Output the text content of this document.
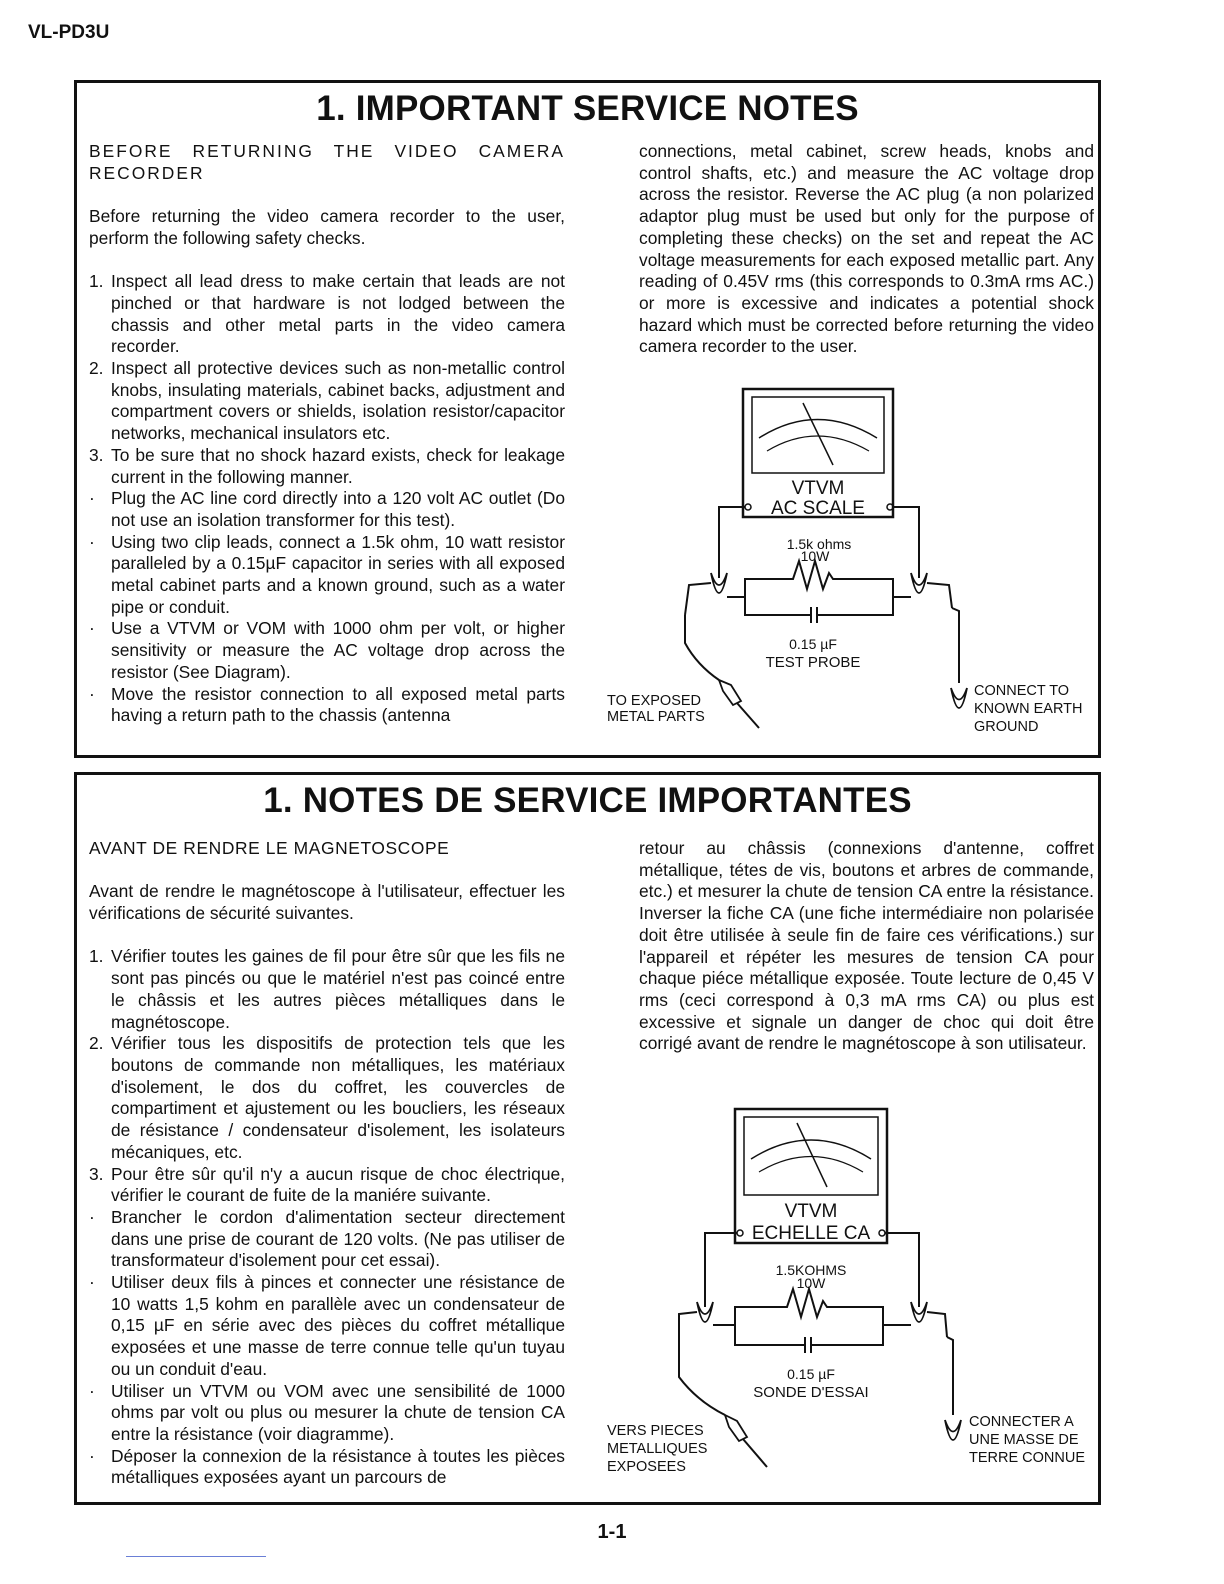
VL-PD3U
1. IMPORTANT SERVICE NOTES

BEFORE RETURNING THE VIDEO CAMERA RECORDER

Before returning the video camera recorder to the user, perform the following safety checks.

1. Inspect all lead dress to make certain that leads are not pinched or that hardware is not lodged between the chassis and other metal parts in the video camera recorder.
2. Inspect all protective devices such as non-metallic control knobs, insulating materials, cabinet backs, adjustment and compartment covers or shields, isolation resistor/capacitor networks, mechanical insulators etc.
3. To be sure that no shock hazard exists, check for leakage current in the following manner.
· Plug the AC line cord directly into a 120 volt AC outlet (Do not use an isolation transformer for this test).
· Using two clip leads, connect a 1.5k ohm, 10 watt resistor paralleled by a 0.15µF capacitor in series with all exposed metal cabinet parts and a known ground, such as a water pipe or conduit.
· Use a VTVM or VOM with 1000 ohm per volt, or higher sensitivity or measure the AC voltage drop across the resistor (See Diagram).
· Move the resistor connection to all exposed metal parts having a return path to the chassis (antenna

connections, metal cabinet, screw heads, knobs and control shafts, etc.) and measure the AC voltage drop across the resistor. Reverse the AC plug (a non polarized adaptor plug must be used but only for the purpose of completing these checks) on the set and repeat the AC voltage measurements for each exposed metallic part. Any reading of 0.45V rms (this corresponds to 0.3mA rms AC.) or more is excessive and indicates a potential shock hazard which must be corrected before returning the video camera recorder to the user.

VTVM
AC SCALE
1.5k ohms
10W
0.15 µF
TEST PROBE
TO EXPOSED
METAL PARTS
CONNECT TO
KNOWN EARTH
GROUND
1. NOTES DE SERVICE IMPORTANTES

AVANT DE RENDRE LE MAGNETOSCOPE

Avant de rendre le magnétoscope à l'utilisateur, effectuer les vérifications de sécurité suivantes.

1. Vérifier toutes les gaines de fil pour être sûr que les fils ne sont pas pincés ou que le matériel n'est pas coincé entre le châssis et les autres pièces métalliques dans le magnétoscope.
2. Vérifier tous les dispositifs de protection tels que les boutons de commande non métalliques, les matériaux d'isolement, le dos du coffret, les couvercles de compartiment et ajustement ou les boucliers, les réseaux de résistance / condensateur d'isolement, les isolateurs mécaniques, etc.
3. Pour être sûr qu'il n'y a aucun risque de choc électrique, vérifier le courant de fuite de la maniére suivante.
· Brancher le cordon d'alimentation secteur directement dans une prise de courant de 120 volts. (Ne pas utiliser de transformateur d'isolement pour cet essai).
· Utiliser deux fils à pinces et connecter une résistance de 10 watts 1,5 kohm en parallèle avec un condensateur de 0,15 µF en série avec des pièces du coffret métallique exposées et une masse de terre connue telle qu'un tuyau ou un conduit d'eau.
· Utiliser un VTVM ou VOM avec une sensibilité de 1000 ohms par volt ou plus ou mesurer la chute de tension CA entre la résistance (voir diagramme).
· Déposer la connexion de la résistance à toutes les pièces métalliques exposées ayant un parcours de

retour au châssis (connexions d'antenne, coffret métallique, tétes de vis, boutons et arbres de commande, etc.) et mesurer la chute de tension CA entre la résistance. Inverser la fiche CA (une fiche intermédiaire non polarisée doit être utilisée à seule fin de faire ces vérifications.) sur l'appareil et répéter les mesures de tension CA pour chaque piéce métallique exposée. Toute lecture de 0,45 V rms (ceci correspond à 0,3 mA rms CA) ou plus est excessive et signale un danger de choc qui doit être corrigé avant de rendre le magnétoscope à son utilisateur.

VTVM
ECHELLE CA
1.5KOHMS
10W
0.15 µF
SONDE D'ESSAI
VERS PIECES
METALLIQUES
EXPOSEES
CONNECTER A
UNE MASSE DE
TERRE CONNUE
1-1
